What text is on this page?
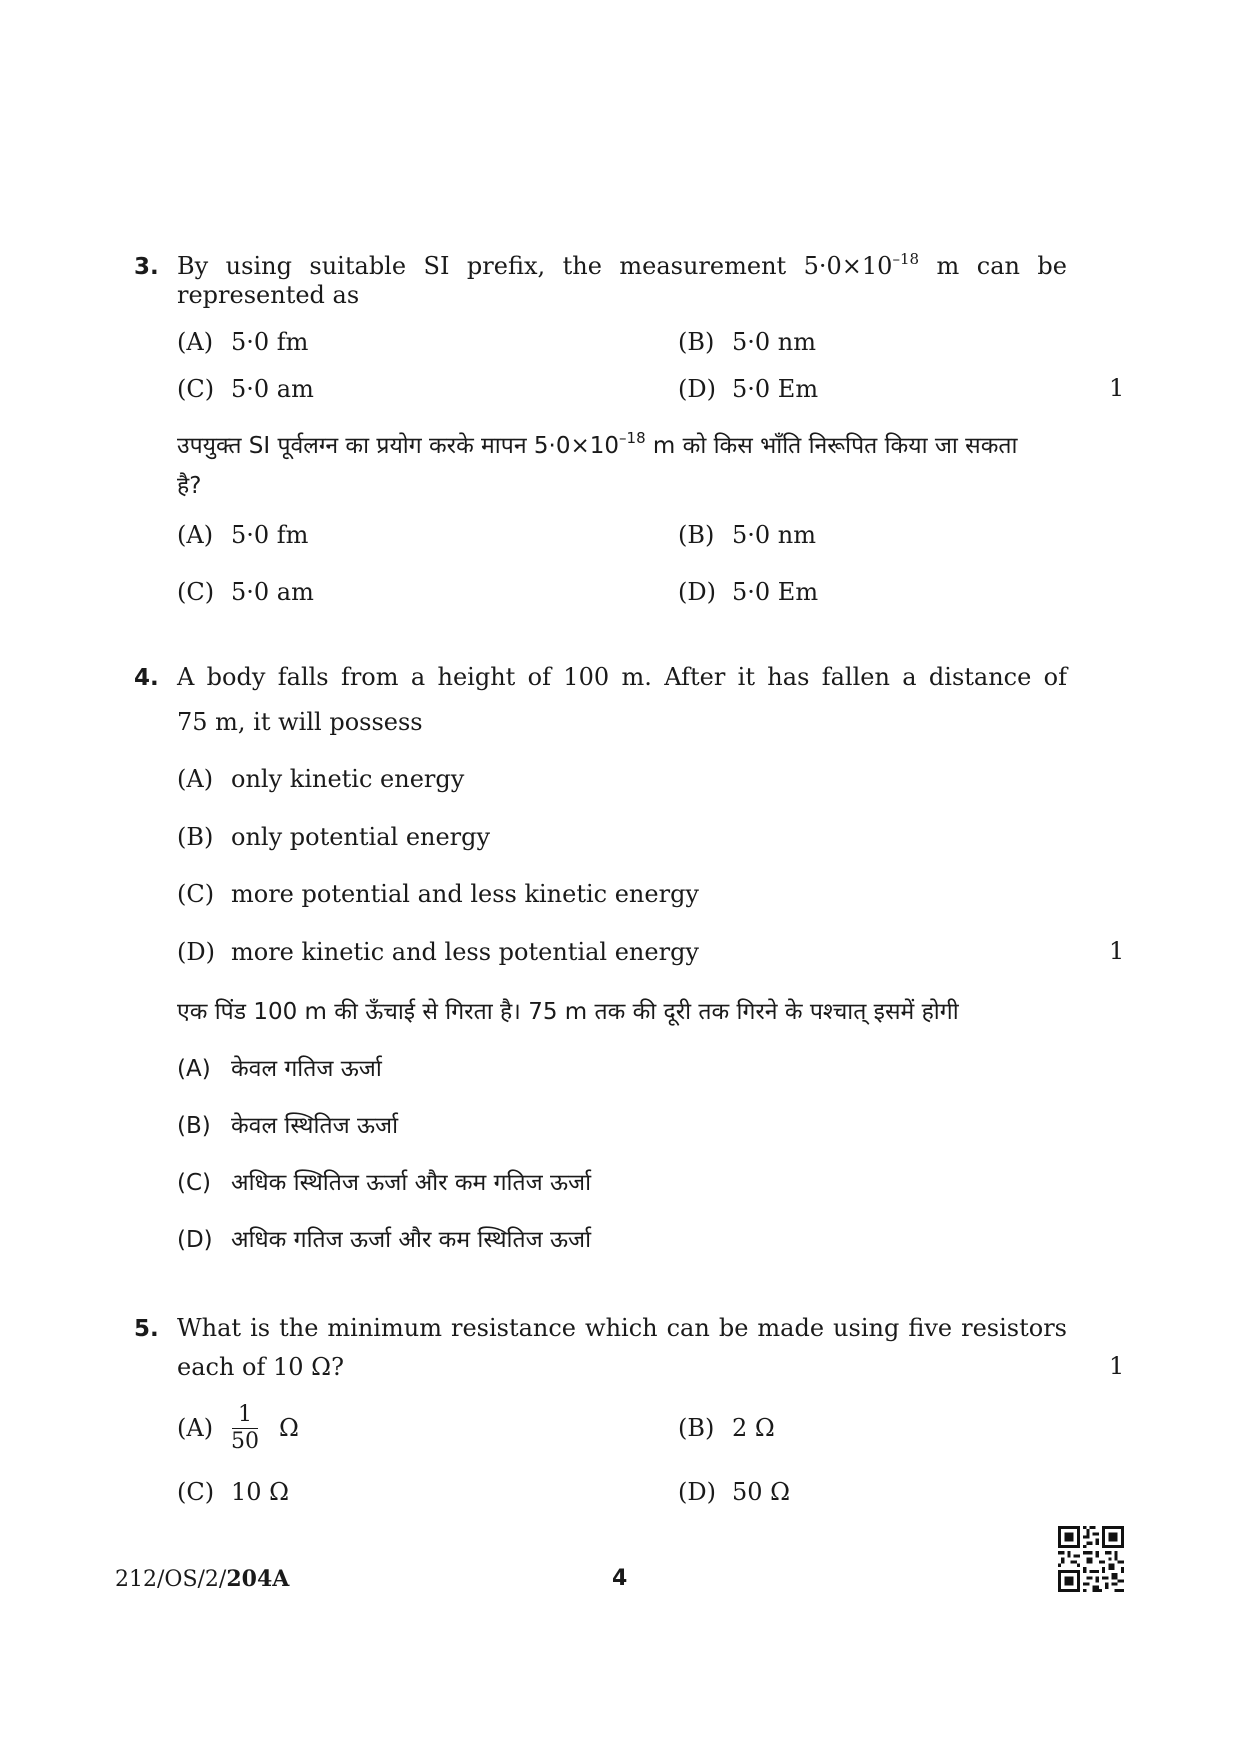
3. By using suitable SI prefix, the measurement $5\cdot 0\times 10^{-18}$ m can be
represented as
(A) 5·0 fm	(B) 5·0 nm
(C) 5·0 am	(D) 5·0 Em	1
उपयुक्त SI पूर्वलग्न का प्रयोग करके मापन $5\cdot 0\times 10^{-18}$ m को किस भाँति निरूपित किया जा सकता
है?
(A) 5·0 fm	(B) 5·0 nm
(C) 5·0 am	(D) 5·0 Em
4. A body falls from a height of 100 m. After it has fallen a distance of
75 m, it will possess
(A) only kinetic energy
(B) only potential energy
(C) more potential and less kinetic energy
(D) more kinetic and less potential energy	1
एक पिंड 100 m की ऊँचाई से गिरता है। 75 m तक की दूरी तक गिरने के पश्चात् इसमें होगी
(A) केवल गतिज ऊर्जा
(B) केवल स्थितिज ऊर्जा
(C) अधिक स्थितिज ऊर्जा और कम गतिज ऊर्जा
(D) अधिक गतिज ऊर्जा और कम स्थितिज ऊर्जा
5. What is the minimum resistance which can be made using five resistors
each of 10 Ω?	1
$(A) \frac{1}{50}$ Ω	(B) 2 Ω
(C) 10 Ω	(D) 50 Ω
212/OS/2/204A	4
